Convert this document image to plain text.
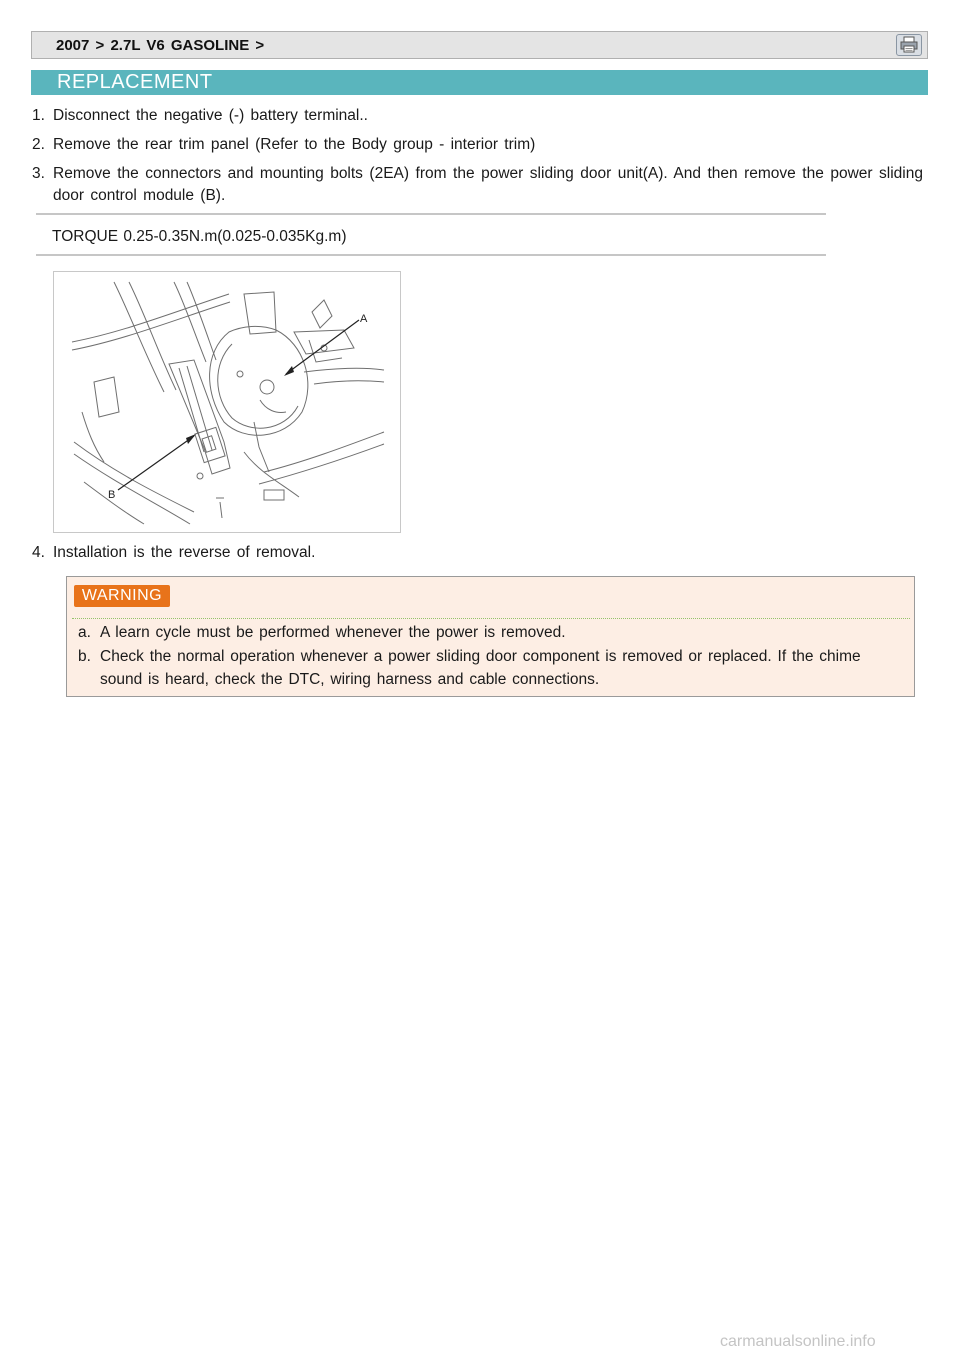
2007 > 2.7L V6 GASOLINE >
REPLACEMENT
1. Disconnect the negative (-) battery terminal..
2. Remove the rear trim panel (Refer to the Body group - interior trim)
3. Remove the connectors and mounting bolts (2EA) from the power sliding door unit(A). And then remove the power sliding door control module (B).
TORQUE 0.25-0.35N.m(0.025-0.035Kg.m)
A
B
4. Installation is the reverse of removal.
WARNING
a. A learn cycle must be performed whenever the power is removed.
b. Check the normal operation whenever a power sliding door component is removed or replaced. If the chime sound is heard, check the DTC, wiring harness and cable connections.
carmanualsonline.info
